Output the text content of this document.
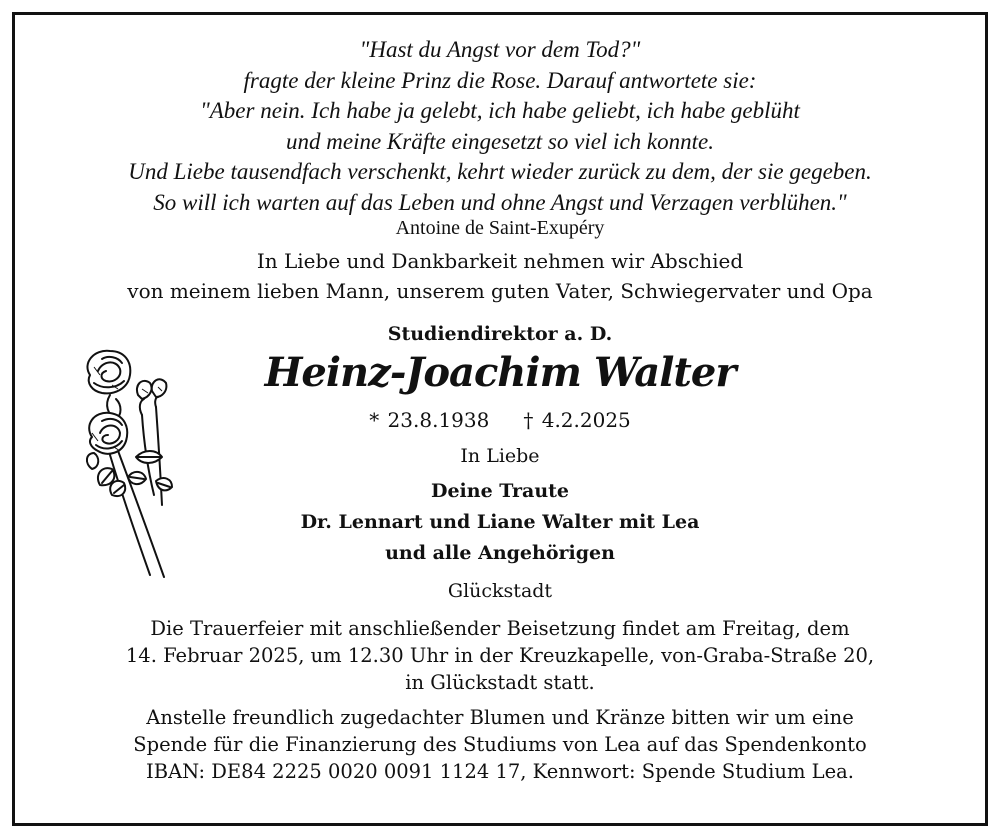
"Hast du Angst vor dem Tod?"
fragte der kleine Prinz die Rose. Darauf antwortete sie:
"Aber nein. Ich habe ja gelebt, ich habe geliebt, ich habe geblüht
und meine Kräfte eingesetzt so viel ich konnte.
Und Liebe tausendfach verschenkt, kehrt wieder zurück zu dem, der sie gegeben.
So will ich warten auf das Leben und ohne Angst und Verzagen verblühen."
Antoine de Saint-Exupéry
In Liebe und Dankbarkeit nehmen wir Abschied
von meinem lieben Mann, unserem guten Vater, Schwiegervater und Opa
Studiendirektor a. D.
Heinz-Joachim Walter
* 23.8.1938 † 4.2.2025
In Liebe
Deine Traute
Dr. Lennart und Liane Walter mit Lea
und alle Angehörigen
Glückstadt
Die Trauerfeier mit anschließender Beisetzung findet am Freitag, dem
14. Februar 2025, um 12.30 Uhr in der Kreuzkapelle, von-Graba-Straße 20,
in Glückstadt statt.
Anstelle freundlich zugedachter Blumen und Kränze bitten wir um eine
Spende für die Finanzierung des Studiums von Lea auf das Spendenkonto
IBAN: DE84 2225 0020 0091 1124 17, Kennwort: Spende Studium Lea.
